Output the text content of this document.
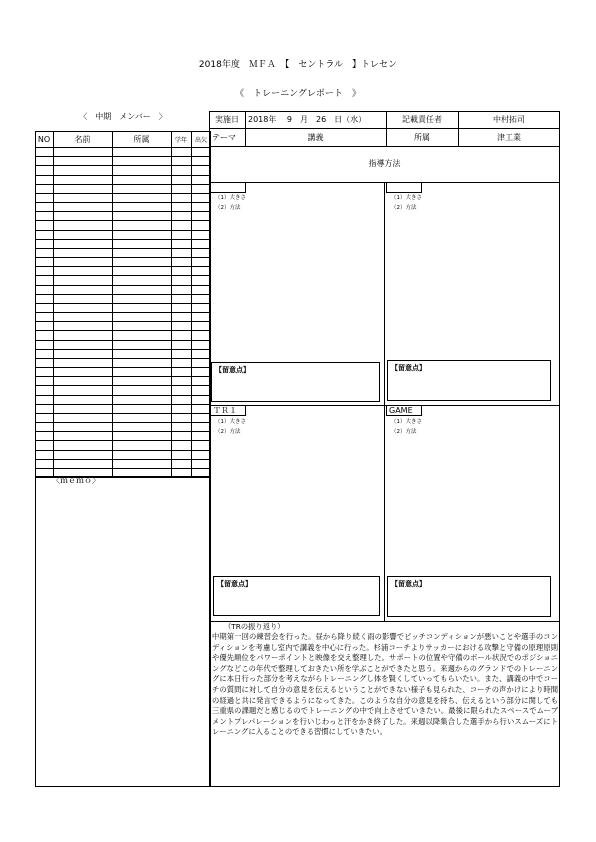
2018年度　ＭＦＡ　【　セントラル　】トレセン
《　トレーニングレポート　》
〈　中期　メンバー　〉
NO	名前	所属	学年	出欠
〈ｍｅｍｏ〉
実施日	2018年　 9　月　26　日（水）	記載責任者	中村拓司
テーマ	講義	所属	津工業
指導方法

（1）大きさ
（2）方法
【留意点】

（1）大きさ
（2）方法
【留意点】
ＴＲ１
（1）大きさ
（2）方法
【留意点】
GAME
（1）大きさ
（2）方法
【留意点】
（TRの振り返り）
中期第一回の練習会を行った。昼から降り続く雨の影響でピッチコンディションが悪いことや選手のコンディションを考慮し室内で講義を中心に行った。杉浦コーチよりサッカーにおける攻撃と守備の原理原則や優先順位をパワーポイントと映像を交え整理した。サポートの位置や守備のボール状況でのポジショニングなどこの年代で整理しておきたい所を学ぶことができたと思う。来週からのグランドでのトレーニングに本日行った部分を考えながらトレーニングし体を賢くしていってもらいたい。また、講義の中でコーチの質問に対して自分の意見を伝えるということができない様子も見られた、コーチの声かけにより時間の経過と共に発言できるようになってきた。このような自分の意見を持ち、伝えるという部分に関しても三重県の課題だと感じるのでトレーニングの中で向上させていきたい。最後に限られたスペースでムーブメントプレパレーションを行いじわっと汗をかき終了した。来週以降集合した選手から行いスムーズにトレーニングに入ることのできる習慣にしていきたい。
